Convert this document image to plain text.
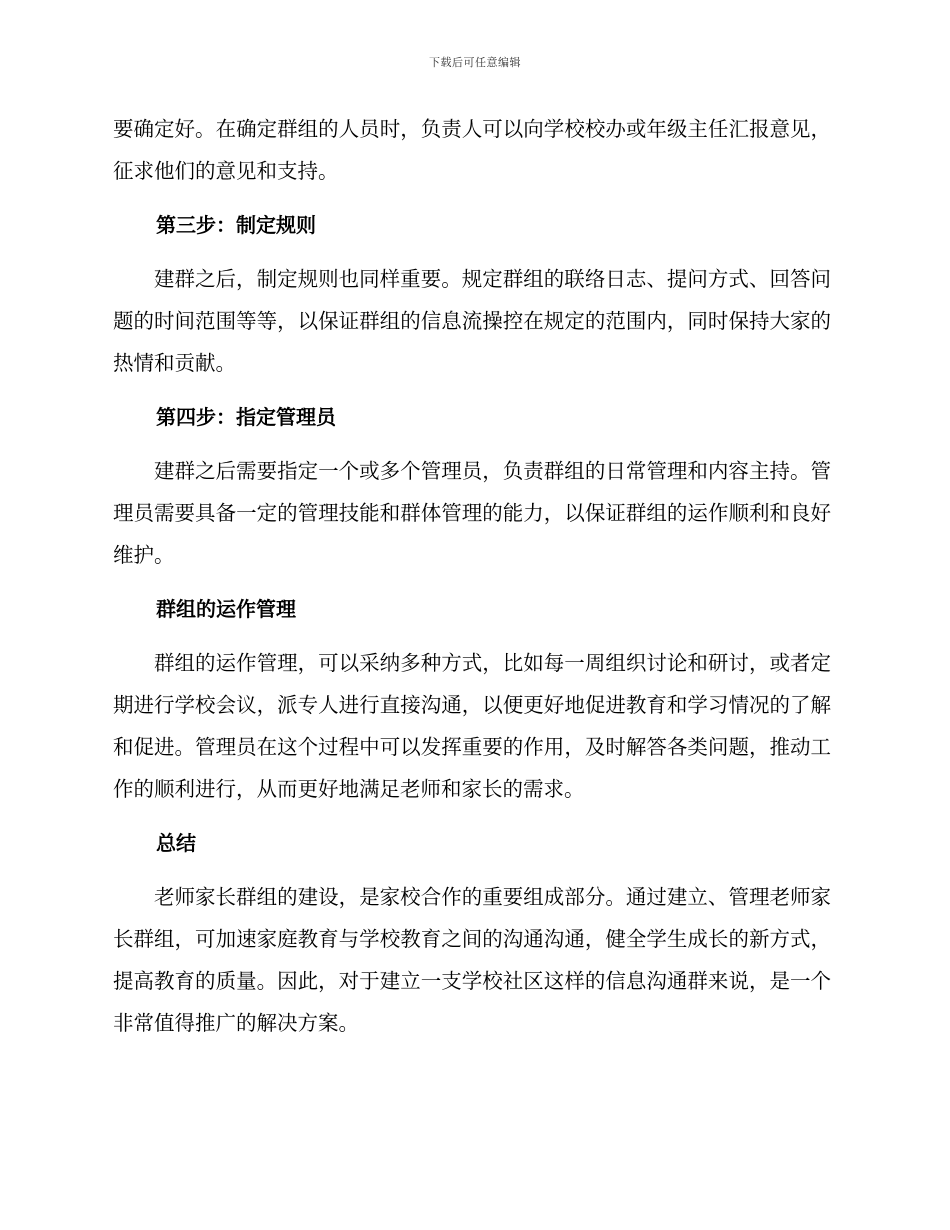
下载后可任意编辑

要确定好。在确定群组的人员时，负责人可以向学校校办或年级主任汇报意见，征求他们的意见和支持。

第三步：制定规则

建群之后，制定规则也同样重要。规定群组的联络日志、提问方式、回答问题的时间范围等等，以保证群组的信息流操控在规定的范围内，同时保持大家的热情和贡献。

第四步：指定管理员

建群之后需要指定一个或多个管理员，负责群组的日常管理和内容主持。管理员需要具备一定的管理技能和群体管理的能力，以保证群组的运作顺利和良好维护。

群组的运作管理

群组的运作管理，可以采纳多种方式，比如每一周组织讨论和研讨，或者定期进行学校会议，派专人进行直接沟通，以便更好地促进教育和学习情况的了解和促进。管理员在这个过程中可以发挥重要的作用，及时解答各类问题，推动工作的顺利进行，从而更好地满足老师和家长的需求。

总结

老师家长群组的建设，是家校合作的重要组成部分。通过建立、管理老师家长群组，可加速家庭教育与学校教育之间的沟通沟通，健全学生成长的新方式，提高教育的质量。因此，对于建立一支学校社区这样的信息沟通群来说，是一个非常值得推广的解决方案。
